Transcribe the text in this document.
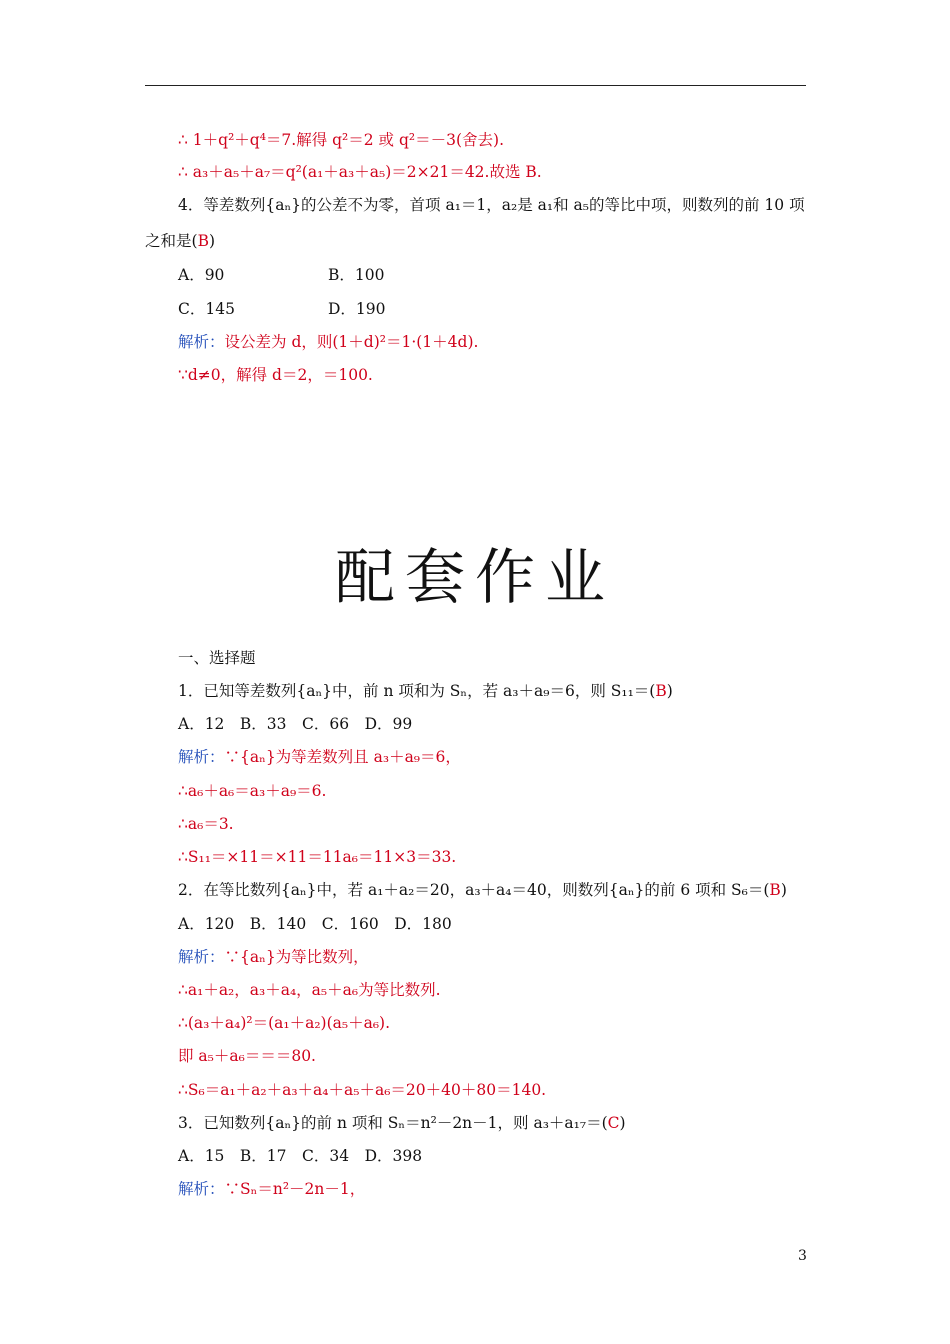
∴ 1＋q²＋q⁴＝7.解得 q²＝2 或 q²＝－3(舍去).
∴ a₃＋a₅＋a₇＝q²(a₁＋a₃＋a₅)＝2×21＝42.故选 B.
4．等差数列{aₙ}的公差不为零，首项 a₁＝1，a₂是 a₁和 a₅的等比中项，则数列的前 10 项
之和是(B)
A．90	B．100
C．145	D．190
解析：设公差为 d，则(1＋d)²＝1·(1＋4d).
∵d≠0，解得 d＝2，＝100.
配套作业
一、选择题
1．已知等差数列{aₙ}中，前 n 项和为 Sₙ，若 a₃＋a₉＝6，则 S₁₁＝(B)
A．12　B．33　C．66　D．99
解析：∵{aₙ}为等差数列且 a₃＋a₉＝6，
∴a₆＋a₆＝a₃＋a₉＝6.
∴a₆＝3.
∴S₁₁＝×11＝×11＝11a₆＝11×3＝33.
2．在等比数列{aₙ}中，若 a₁＋a₂＝20，a₃＋a₄＝40，则数列{aₙ}的前 6 项和 S₆＝(B)
A．120　B．140　C．160　D．180
解析：∵{aₙ}为等比数列，
∴a₁＋a₂，a₃＋a₄，a₅＋a₆为等比数列.
∴(a₃＋a₄)²＝(a₁＋a₂)(a₅＋a₆).
即 a₅＋a₆＝＝＝80.
∴S₆＝a₁＋a₂＋a₃＋a₄＋a₅＋a₆＝20＋40＋80＝140.
3．已知数列{aₙ}的前 n 项和 Sₙ＝n²－2n－1，则 a₃＋a₁₇＝(C)
A．15　B．17　C．34　D．398
解析：∵Sₙ＝n²－2n－1，
3
